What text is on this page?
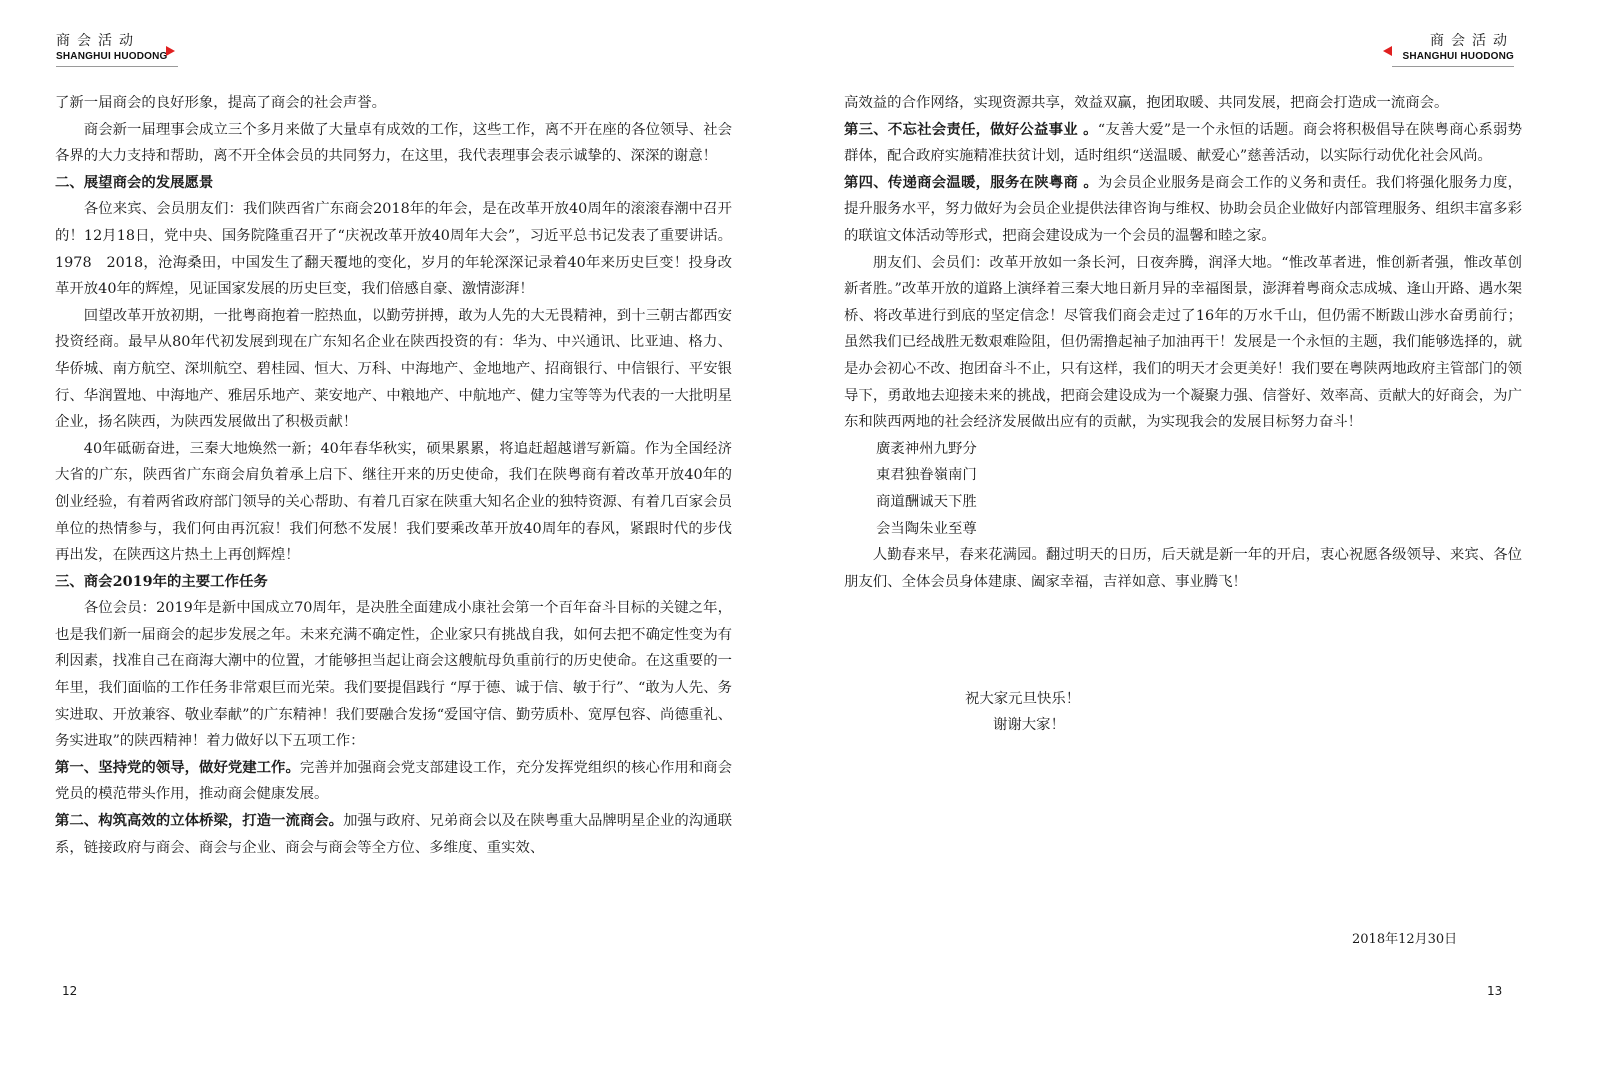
商会活动
SHANGHUI HUODONG
商会活动
SHANGHUI HUODONG

了新一届商会的良好形象，提高了商会的社会声誉。

商会新一届理事会成立三个多月来做了大量卓有成效的工作，这些工作，离不开在座的各位领导、社会各界的大力支持和帮助，离不开全体会员的共同努力，在这里，我代表理事会表示诚挚的、深深的谢意！

二、展望商会的发展愿景

各位来宾、会员朋友们：我们陕西省广东商会2018年的年会，是在改革开放40周年的滚滚春潮中召开的！12月18日，党中央、国务院隆重召开了“庆祝改革开放40周年大会”，习近平总书记发表了重要讲话。1978　2018，沧海桑田，中国发生了翻天覆地的变化，岁月的年轮深深记录着40年来历史巨变！投身改革开放40年的辉煌，见证国家发展的历史巨变，我们倍感自豪、激情澎湃！

回望改革开放初期，一批粤商抱着一腔热血，以勤劳拼搏，敢为人先的大无畏精神，到十三朝古都西安投资经商。最早从80年代初发展到现在广东知名企业在陕西投资的有：华为、中兴通讯、比亚迪、格力、华侨城、南方航空、深圳航空、碧桂园、恒大、万科、中海地产、金地地产、招商银行、中信银行、平安银行、华润置地、中海地产、雅居乐地产、莱安地产、中粮地产、中航地产、健力宝等等为代表的一大批明星企业，扬名陕西，为陕西发展做出了积极贡献！

40年砥砺奋进，三秦大地焕然一新；40年春华秋实，硕果累累，将追赶超越谱写新篇。作为全国经济大省的广东，陕西省广东商会肩负着承上启下、继往开来的历史使命，我们在陕粤商有着改革开放40年的创业经验，有着两省政府部门领导的关心帮助、有着几百家在陕重大知名企业的独特资源、有着几百家会员单位的热情参与，我们何由再沉寂！我们何愁不发展！我们要乘改革开放40周年的春风，紧跟时代的步伐再出发，在陕西这片热土上再创辉煌！

三、商会2019年的主要工作任务

各位会员：2019年是新中国成立70周年，是决胜全面建成小康社会第一个百年奋斗目标的关键之年，也是我们新一届商会的起步发展之年。未来充满不确定性，企业家只有挑战自我，如何去把不确定性变为有利因素，找准自己在商海大潮中的位置，才能够担当起让商会这艘航母负重前行的历史使命。在这重要的一年里，我们面临的工作任务非常艰巨而光荣。我们要提倡践行 “厚于德、诚于信、敏于行”、“敢为人先、务实进取、开放兼容、敬业奉献”的广东精神！我们要融合发扬“爱国守信、勤劳质朴、宽厚包容、尚德重礼、务实进取”的陕西精神！着力做好以下五项工作：

第一、坚持党的领导，做好党建工作。完善并加强商会党支部建设工作，充分发挥党组织的核心作用和商会党员的模范带头作用，推动商会健康发展。

第二、构筑高效的立体桥梁，打造一流商会。加强与政府、兄弟商会以及在陕粤重大品牌明星企业的沟通联系，链接政府与商会、商会与企业、商会与商会等全方位、多维度、重实效、

高效益的合作网络，实现资源共享，效益双赢，抱团取暖、共同发展，把商会打造成一流商会。

第三、不忘社会责任，做好公益事业 。“友善大爱”是一个永恒的话题。商会将积极倡导在陕粤商心系弱势群体，配合政府实施精准扶贫计划，适时组织“送温暖、献爱心”慈善活动，以实际行动优化社会风尚。

第四、传递商会温暖，服务在陕粤商 。为会员企业服务是商会工作的义务和责任。我们将强化服务力度，提升服务水平，努力做好为会员企业提供法律咨询与维权、协助会员企业做好内部管理服务、组织丰富多彩的联谊文体活动等形式，把商会建设成为一个会员的温馨和睦之家。

朋友们、会员们：改革开放如一条长河，日夜奔腾，润泽大地。“惟改革者进，惟创新者强，惟改革创新者胜。”改革开放的道路上演绎着三秦大地日新月异的幸福图景，澎湃着粤商众志成城、逢山开路、遇水架桥、将改革进行到底的坚定信念！尽管我们商会走过了16年的万水千山，但仍需不断跋山涉水奋勇前行；虽然我们已经战胜无数艰难险阻，但仍需撸起袖子加油再干！发展是一个永恒的主题，我们能够选择的，就是办会初心不改、抱团奋斗不止，只有这样，我们的明天才会更美好！我们要在粤陕两地政府主管部门的领导下，勇敢地去迎接未来的挑战，把商会建设成为一个凝聚力强、信誉好、效率高、贡献大的好商会，为广东和陕西两地的社会经济发展做出应有的贡献，为实现我会的发展目标努力奋斗！

廣袤神州九野分

東君独眷嶺南门

商道酬诚天下胜

会当陶朱业至尊

人勤春来早，春来花满园。翻过明天的日历，后天就是新一年的开启，衷心祝愿各级领导、来宾、各位朋友们、全体会员身体建康、阖家幸福，吉祥如意、事业腾飞！

祝大家元旦快乐！
谢谢大家！
2018年12月30日
12	13
